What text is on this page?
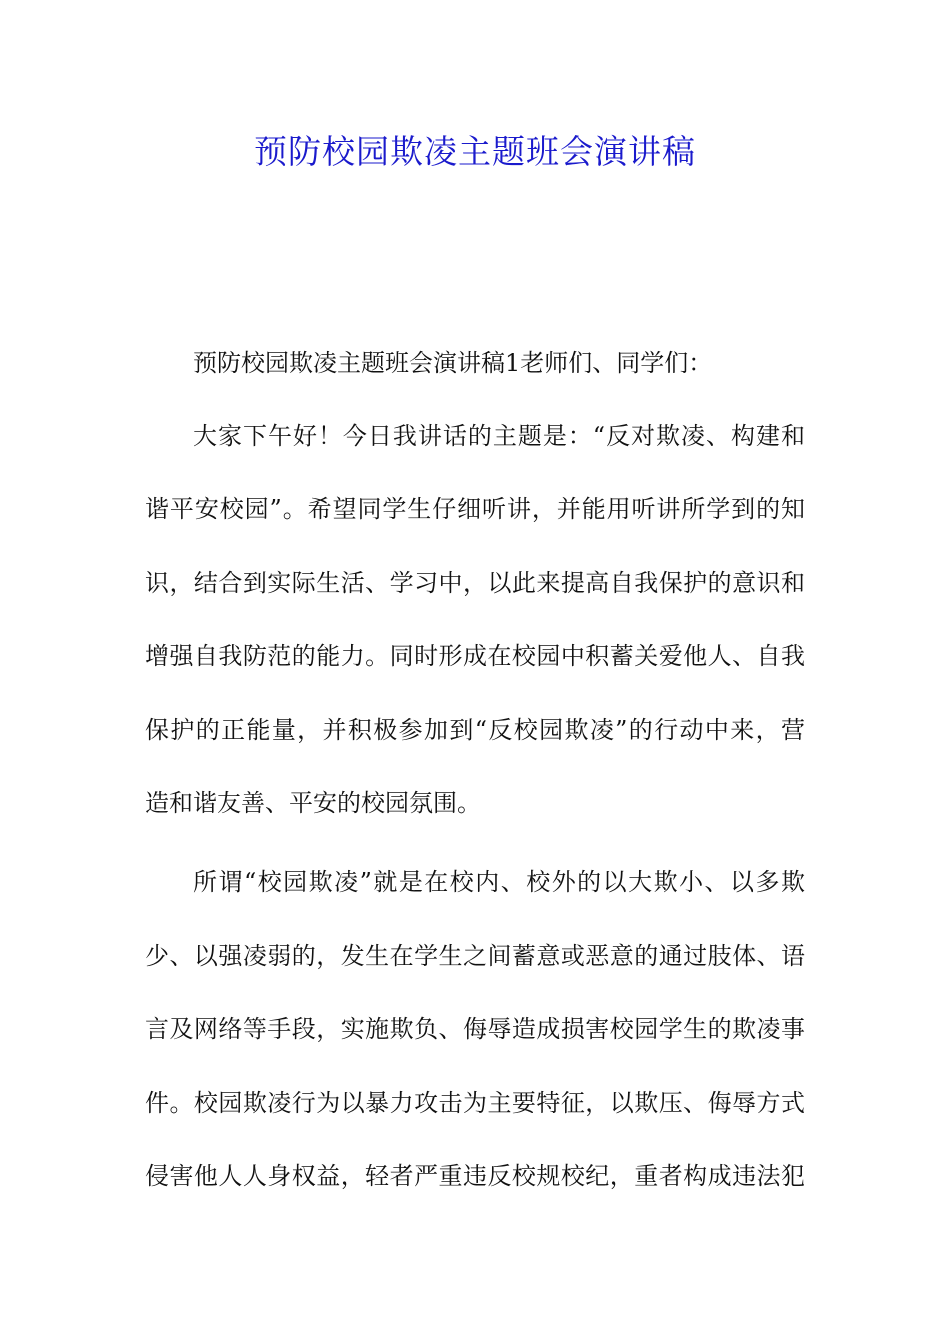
预防校园欺凌主题班会演讲稿

预防校园欺凌主题班会演讲稿1老师们、同学们：

大家下午好！今日我讲话的主题是：“反对欺凌、构建和

谐平安校园”。希望同学生仔细听讲，并能用听讲所学到的知

识，结合到实际生活、学习中，以此来提高自我保护的意识和

增强自我防范的能力。同时形成在校园中积蓄关爱他人、自我

保护的正能量，并积极参加到“反校园欺凌”的行动中来，营

造和谐友善、平安的校园氛围。

所谓“校园欺凌”就是在校内、校外的以大欺小、以多欺

少、以强凌弱的，发生在学生之间蓄意或恶意的通过肢体、语

言及网络等手段，实施欺负、侮辱造成损害校园学生的欺凌事

件。校园欺凌行为以暴力攻击为主要特征，以欺压、侮辱方式

侵害他人人身权益，轻者严重违反校规校纪，重者构成违法犯
